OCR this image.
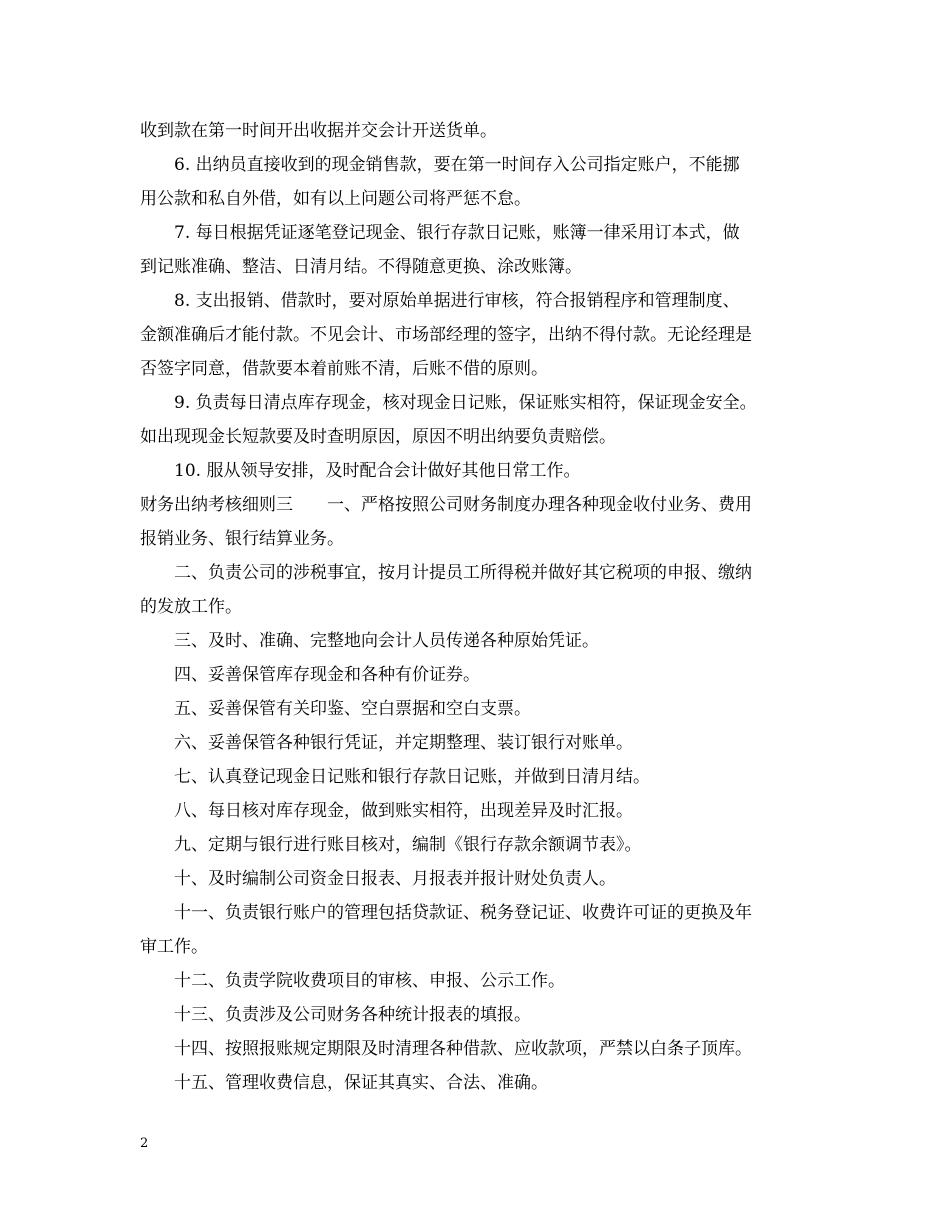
收到款在第一时间开出收据并交会计开送货单。
6. 出纳员直接收到的现金销售款，要在第一时间存入公司指定账户，不能挪
用公款和私自外借，如有以上问题公司将严惩不怠。
7. 每日根据凭证逐笔登记现金、银行存款日记账，账簿一律采用订本式，做
到记账准确、整洁、日清月结。不得随意更换、涂改账簿。
8. 支出报销、借款时，要对原始单据进行审核，符合报销程序和管理制度、
金额准确后才能付款。不见会计、市场部经理的签字，出纳不得付款。无论经理是
否签字同意，借款要本着前账不清，后账不借的原则。
9. 负责每日清点库存现金，核对现金日记账，保证账实相符，保证现金安全。
如出现现金长短款要及时查明原因，原因不明出纳要负责赔偿。
10. 服从领导安排，及时配合会计做好其他日常工作。
财务出纳考核细则三　　一、严格按照公司财务制度办理各种现金收付业务、费用
报销业务、银行结算业务。
二、负责公司的涉税事宜，按月计提员工所得税并做好其它税项的申报、缴纳
的发放工作。
三、及时、准确、完整地向会计人员传递各种原始凭证。
四、妥善保管库存现金和各种有价证券。
五、妥善保管有关印鉴、空白票据和空白支票。
六、妥善保管各种银行凭证，并定期整理、装订银行对账单。
七、认真登记现金日记账和银行存款日记账，并做到日清月结。
八、每日核对库存现金，做到账实相符，出现差异及时汇报。
九、定期与银行进行账目核对，编制《银行存款余额调节表》。
十、及时编制公司资金日报表、月报表并报计财处负责人。
十一、负责银行账户的管理包括贷款证、税务登记证、收费许可证的更换及年
审工作。
十二、负责学院收费项目的审核、申报、公示工作。
十三、负责涉及公司财务各种统计报表的填报。
十四、按照报账规定期限及时清理各种借款、应收款项，严禁以白条子顶库。
十五、管理收费信息，保证其真实、合法、准确。
2
